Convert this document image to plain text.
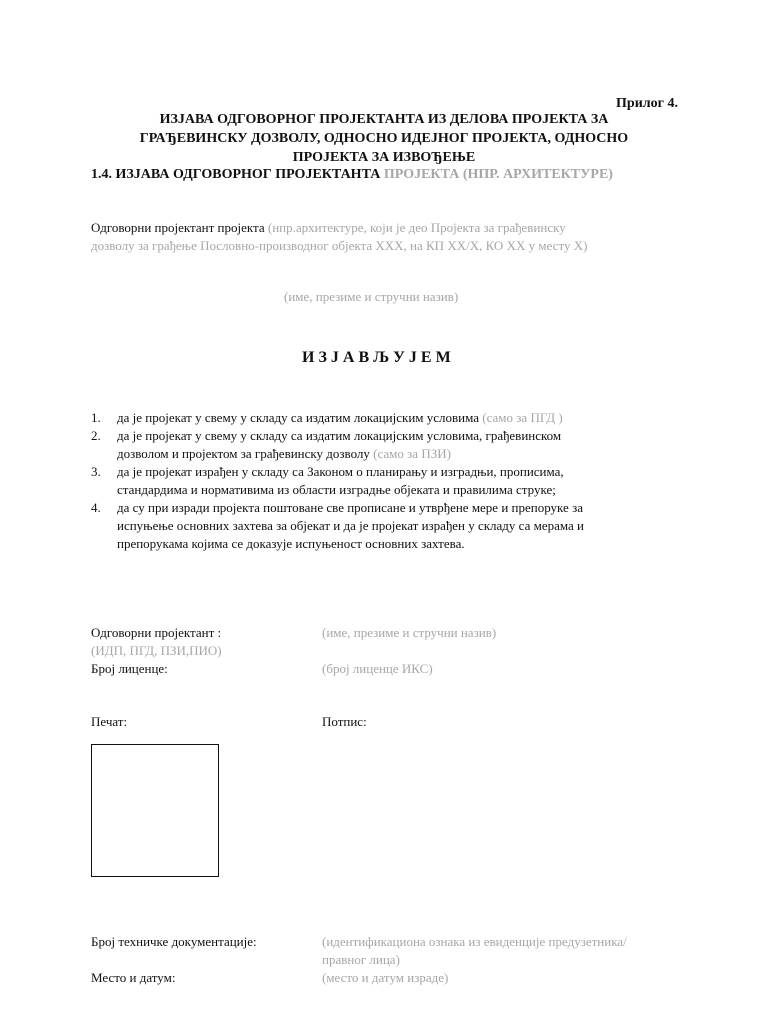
Прилог 4.
ИЗЈАВА ОДГОВОРНОГ ПРОЈЕКТАНТА ИЗ ДЕЛОВА ПРОЈЕКТА ЗА
ГРАЂЕВИНСКУ ДОЗВОЛУ, ОДНОСНО ИДЕЈНОГ ПРОЈЕКТА, ОДНОСНО
ПРОЈЕКТА ЗА ИЗВОЂЕЊЕ
1.4. ИЗЈАВА ОДГОВОРНОГ ПРОЈЕКТАНТА ПРОЈЕКТА (НПР. АРХИТЕКТУРЕ)
Одговорни пројектант пројекта (нпр.архитектуре, који је део Пројекта за грађевинску
дозволу за грађење Пословно-производног објекта ХХХ, на КП ХХ/Х, КО ХХ у месту Х)
(име, презиме и стручни назив)
И З Ј А В Љ У Ј Е М
1. да је пројекат у свему у складу са издатим локацијским условима (само за ПГД )
2. да је пројекат у свему у складу са издатим локацијским условима, грађевинском
дозволом и пројектом за грађевинску дозволу (само за ПЗИ)
3. да је пројекат израђен у складу са Законом о планирању и изградњи, прописима,
стандардима и нормативима из области изградње објеката и правилима струке;
4. да су при изради пројекта поштоване све прописане и утврђене мере и препоруке за
испуњење основних захтева за објекат и да је пројекат израђен у складу са мерама и
препорукама којима се доказује испуњеност основних захтева.
Одговорни пројектант :	(име, презиме и стручни назив)
(ИДП, ПГД, ПЗИ,ПИО)
Број лиценце:	(број лиценце ИКС)
Печат:	Потпис:
Број техничке документације:	(идентификациона ознака из евиденције предузетника/
правног лица)
Место и датум:	(место и датум израде)
